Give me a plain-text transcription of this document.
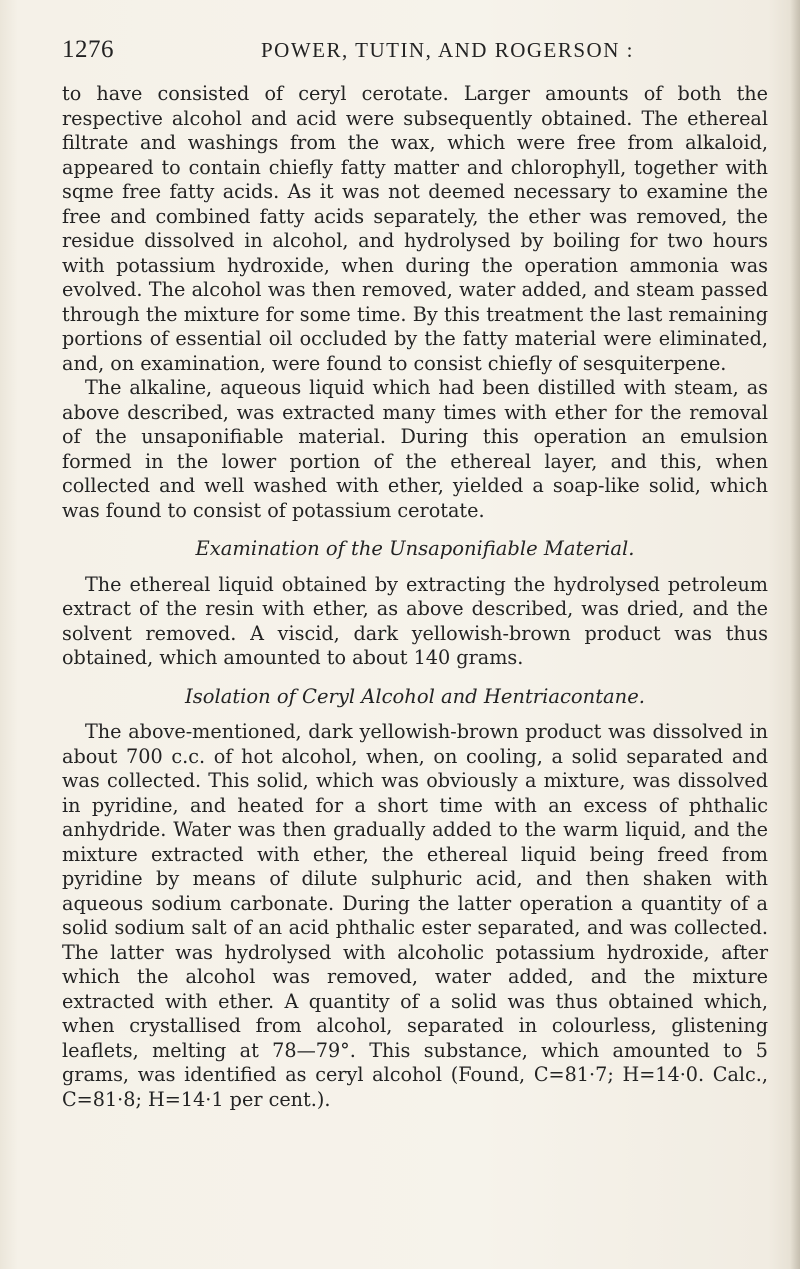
1276	POWER, TUTIN, AND ROGERSON :

to have consisted of ceryl cerotate. Larger amounts of both the respective alcohol and acid were subsequently obtained. The ethereal filtrate and washings from the wax, which were free from alkaloid, appeared to contain chiefly fatty matter and chlorophyll, together with sqme free fatty acids. As it was not deemed necessary to examine the free and combined fatty acids separately, the ether was removed, the residue dissolved in alcohol, and hydrolysed by boiling for two hours with potassium hydroxide, when during the operation ammonia was evolved. The alcohol was then removed, water added, and steam passed through the mixture for some time. By this treatment the last remaining portions of essential oil occluded by the fatty material were eliminated, and, on examination, were found to consist chiefly of sesquiterpene.

The alkaline, aqueous liquid which had been distilled with steam, as above described, was extracted many times with ether for the removal of the unsaponifiable material. During this operation an emulsion formed in the lower portion of the ethereal layer, and this, when collected and well washed with ether, yielded a soap-like solid, which was found to consist of potassium cerotate.

Examination of the Unsaponifiable Material.

The ethereal liquid obtained by extracting the hydrolysed petroleum extract of the resin with ether, as above described, was dried, and the solvent removed. A viscid, dark yellowish-brown product was thus obtained, which amounted to about 140 grams.

Isolation of Ceryl Alcohol and Hentriacontane.

The above-mentioned, dark yellowish-brown product was dissolved in about 700 c.c. of hot alcohol, when, on cooling, a solid separated and was collected. This solid, which was obviously a mixture, was dissolved in pyridine, and heated for a short time with an excess of phthalic anhydride. Water was then gradually added to the warm liquid, and the mixture extracted with ether, the ethereal liquid being freed from pyridine by means of dilute sulphuric acid, and then shaken with aqueous sodium carbonate. During the latter operation a quantity of a solid sodium salt of an acid phthalic ester separated, and was collected. The latter was hydrolysed with alcoholic potassium hydroxide, after which the alcohol was removed, water added, and the mixture extracted with ether. A quantity of a solid was thus obtained which, when crystallised from alcohol, separated in colourless, glistening leaflets, melting at 78—79°. This substance, which amounted to 5 grams, was identified as ceryl alcohol (Found, C=81·7; H=14·0. Calc., C=81·8; H=14·1 per cent.).
